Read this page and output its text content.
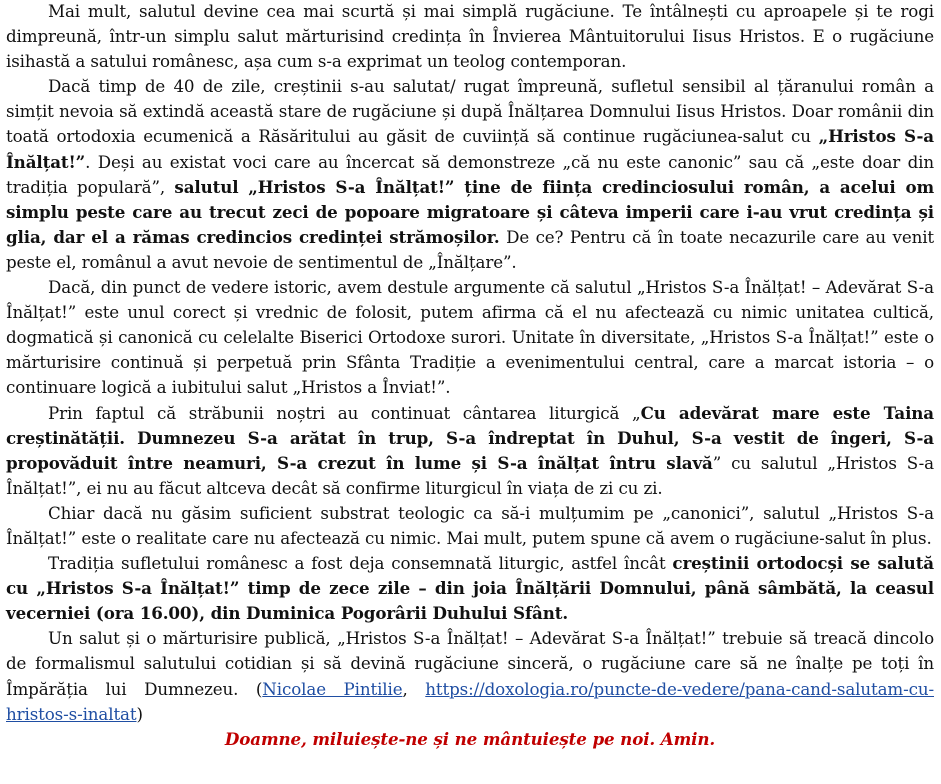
Mai mult, salutul devine cea mai scurtă și mai simplă rugăciune. Te întâlnești cu aproapele și te rogi dimpreună, într-un simplu salut mărturisind credința în Învierea Mântuitorului Iisus Hristos. E o rugăciune isihastă a satului românesc, așa cum s-a exprimat un teolog contemporan.

Dacă timp de 40 de zile, creștinii s-au salutat/ rugat împreună, sufletul sensibil al țăranului român a simțit nevoia să extindă această stare de rugăciune și după Înălțarea Domnului Iisus Hristos. Doar românii din toată ortodoxia ecumenică a Răsăritului au găsit de cuviință să continue rugăciunea-salut cu „Hristos S-a Înălțat!”. Deși au existat voci care au încercat să demonstreze „că nu este canonic” sau că „este doar din tradiția populară”, salutul „Hristos S-a Înălțat!” ține de ființa credinciosului român, a acelui om simplu peste care au trecut zeci de popoare migratoare și câteva imperii care i-au vrut credința și glia, dar el a rămas credincios credinței strămoșilor. De ce? Pentru că în toate necazurile care au venit peste el, românul a avut nevoie de sentimentul de „Înălțare”.

Dacă, din punct de vedere istoric, avem destule argumente că salutul „Hristos S-a Înălțat! – Adevărat S-a Înălțat!” este unul corect și vrednic de folosit, putem afirma că el nu afectează cu nimic unitatea cultică, dogmatică și canonică cu celelalte Biserici Ortodoxe surori. Unitate în diversitate, „Hristos S-a Înălțat!” este o mărturisire continuă și perpetuă prin Sfânta Tradiție a evenimentului central, care a marcat istoria – o continuare logică a iubitului salut „Hristos a Înviat!”.

Prin faptul că străbunii noștri au continuat cântarea liturgică „Cu adevărat mare este Taina creștinătății. Dumnezeu S-a arătat în trup, S-a îndreptat în Duhul, S-a vestit de îngeri, S-a propovăduit între neamuri, S-a crezut în lume și S-a înălțat întru slavă” cu salutul „Hristos S-a Înălțat!”, ei nu au făcut altceva decât să confirme liturgicul în viața de zi cu zi.

Chiar dacă nu găsim suficient substrat teologic ca să-i mulțumim pe „canonici”, salutul „Hristos S-a Înălțat!” este o realitate care nu afectează cu nimic. Mai mult, putem spune că avem o rugăciune-salut în plus.

Tradiția sufletului românesc a fost deja consemnată liturgic, astfel încât creștinii ortodocși se salută cu „Hristos S-a Înălțat!” timp de zece zile – din joia Înălțării Domnului, până sâmbătă, la ceasul vecerniei (ora 16.00), din Duminica Pogorârii Duhului Sfânt.

Un salut și o mărturisire publică, „Hristos S-a Înălțat! – Adevărat S-a Înălțat!” trebuie să treacă dincolo de formalismul salutului cotidian și să devină rugăciune sinceră, o rugăciune care să ne înalțe pe toți în Împărăția lui Dumnezeu. (Nicolae Pintilie, https://doxologia.ro/puncte-de-vedere/pana-cand-salutam-cu-hristos-s-inaltat)

Doamne, miluiește-ne și ne mântuiește pe noi. Amin.
